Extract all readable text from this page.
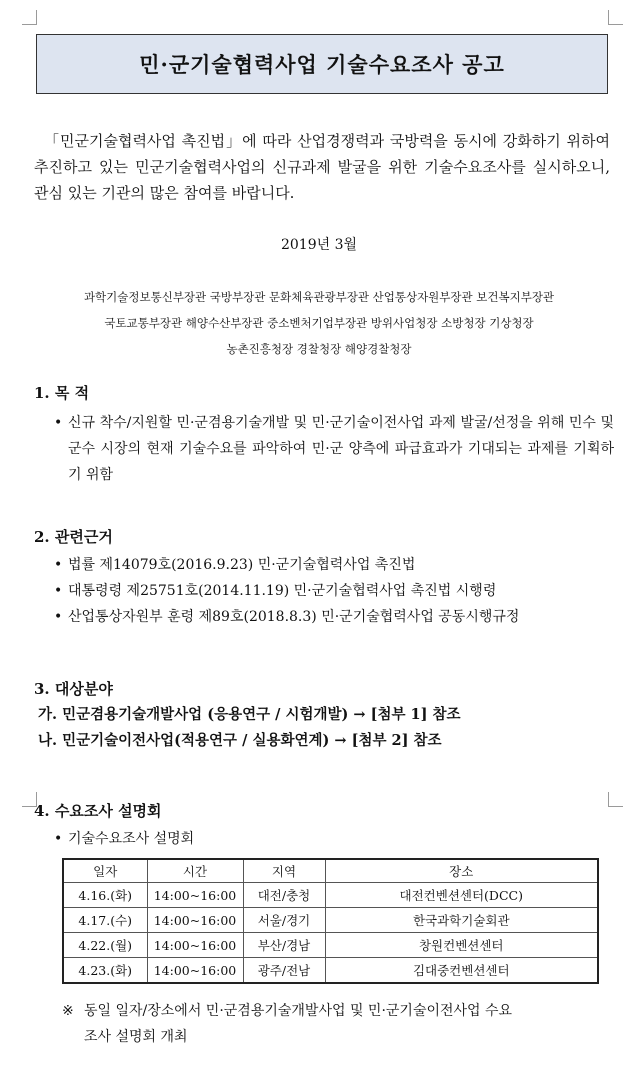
민·군기술협력사업 기술수요조사 공고

「민군기술협력사업 촉진법」에 따라 산업경쟁력과 국방력을 동시에 강화하기 위하여 추진하고 있는 민군기술협력사업의 신규과제 발굴을 위한 기술수요조사를 실시하오니, 관심 있는 기관의 많은 참여를 바랍니다.

2019년 3월
과학기술정보통신부장관 국방부장관 문화체육관광부장관 산업통상자원부장관 보건복지부장관
국토교통부장관 해양수산부장관 중소벤처기업부장관 방위사업청장 소방청장 기상청장
농촌진흥청장 경찰청장 해양경찰청장
1. 목 적
• 신규 착수/지원할 민·군겸용기술개발 및 민·군기술이전사업 과제 발굴/선정을 위해 민수 및 군수 시장의 현재 기술수요를 파악하여 민·군 양측에 파급효과가 기대되는 과제를 기획하기 위함
2. 관련근거
• 법률 제14079호(2016.9.23) 민·군기술협력사업 촉진법
• 대통령령 제25751호(2014.11.19) 민·군기술협력사업 촉진법 시행령
• 산업통상자원부 훈령 제89호(2018.8.3) 민·군기술협력사업 공동시행규정
3. 대상분야
가. 민군겸용기술개발사업 (응용연구 / 시험개발) → [첨부 1] 참조
나. 민군기술이전사업(적용연구 / 실용화연계) → [첨부 2] 참조
4. 수요조사 설명회
• 기술수요조사 설명회
일자	시간	지역	장소
4.16.(화)	14:00~16:00	대전/충청	대전컨벤션센터(DCC)
4.17.(수)	14:00~16:00	서울/경기	한국과학기술회관
4.22.(월)	14:00~16:00	부산/경남	창원컨벤션센터
4.23.(화)	14:00~16:00	광주/전남	김대중컨벤션센터
※ 동일 일자/장소에서 민·군겸용기술개발사업 및 민·군기술이전사업 수요
조사 설명회 개최
